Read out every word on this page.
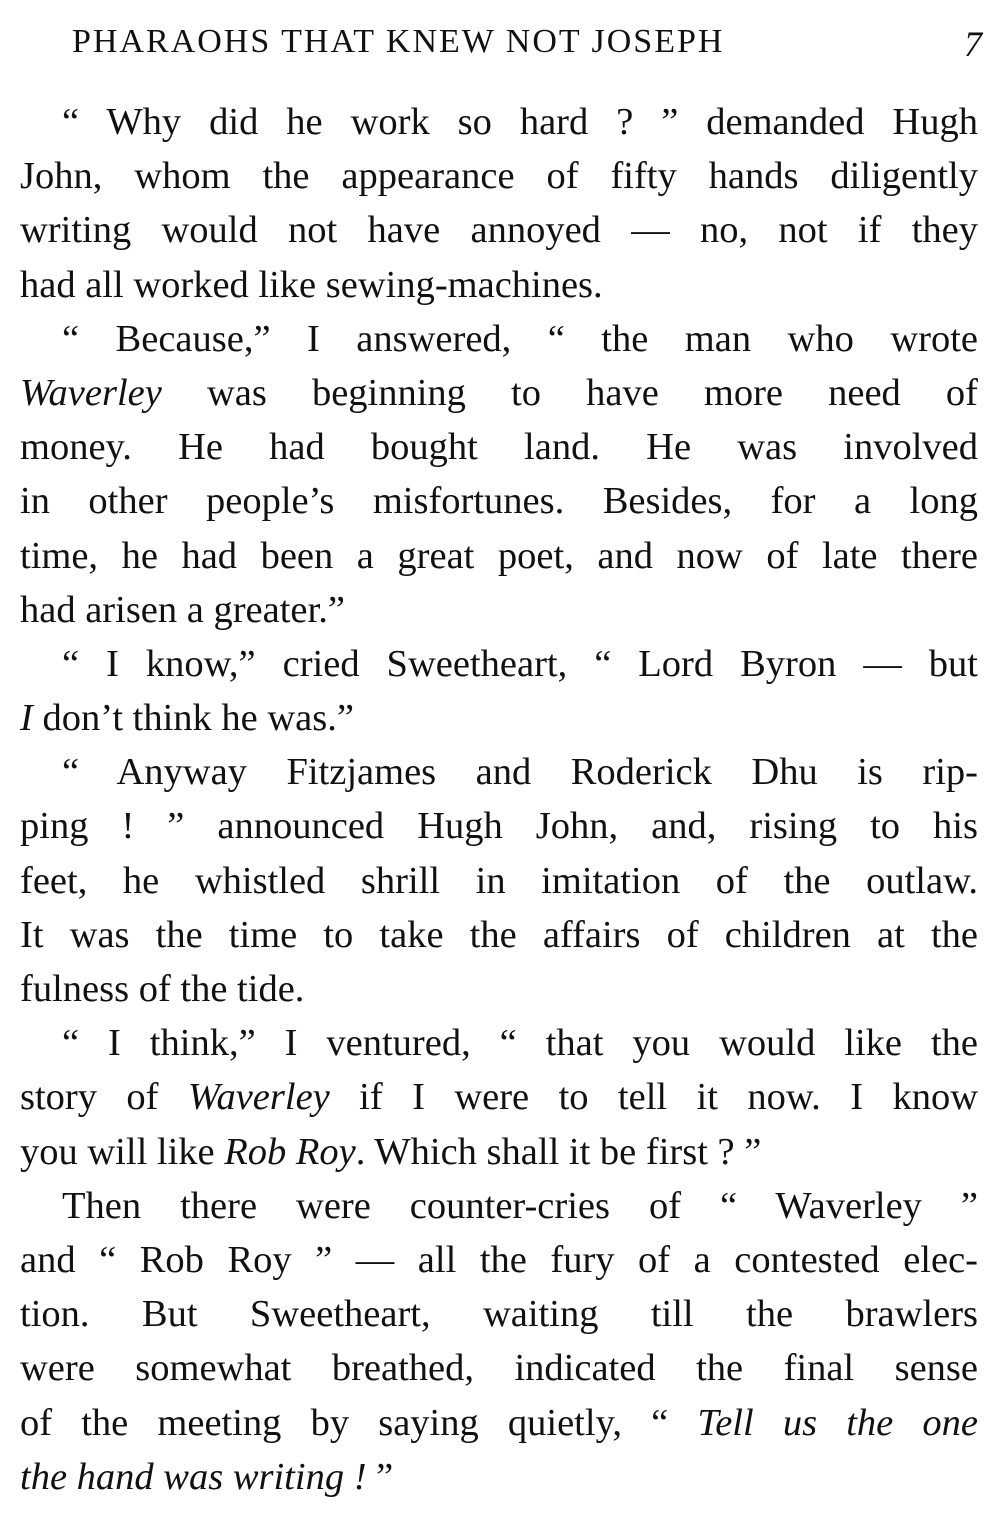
PHARAOHS THAT KNEW NOT JOSEPH	7
“ Why did he work so hard ? ” demanded Hugh
John, whom the appearance of fifty hands diligently
writing would not have annoyed — no, not if they
had all worked like sewing-machines.
“ Because,” I answered, “ the man who wrote
Waverley was beginning to have more need of
money. He had bought land. He was involved
in other people’s misfortunes. Besides, for a long
time, he had been a great poet, and now of late there
had arisen a greater.”
“ I know,” cried Sweetheart, “ Lord Byron — but
I don’t think he was.”
“ Anyway Fitzjames and Roderick Dhu is rip-
ping ! ” announced Hugh John, and, rising to his
feet, he whistled shrill in imitation of the outlaw.
It was the time to take the affairs of children at the
fulness of the tide.
“ I think,” I ventured, “ that you would like the
story of Waverley if I were to tell it now. I know
you will like Rob Roy. Which shall it be first ? ”
Then there were counter-cries of “ Waverley ”
and “ Rob Roy ” — all the fury of a contested elec-
tion. But Sweetheart, waiting till the brawlers
were somewhat breathed, indicated the final sense
of the meeting by saying quietly, “ Tell us the one
the hand was writing ! ”
